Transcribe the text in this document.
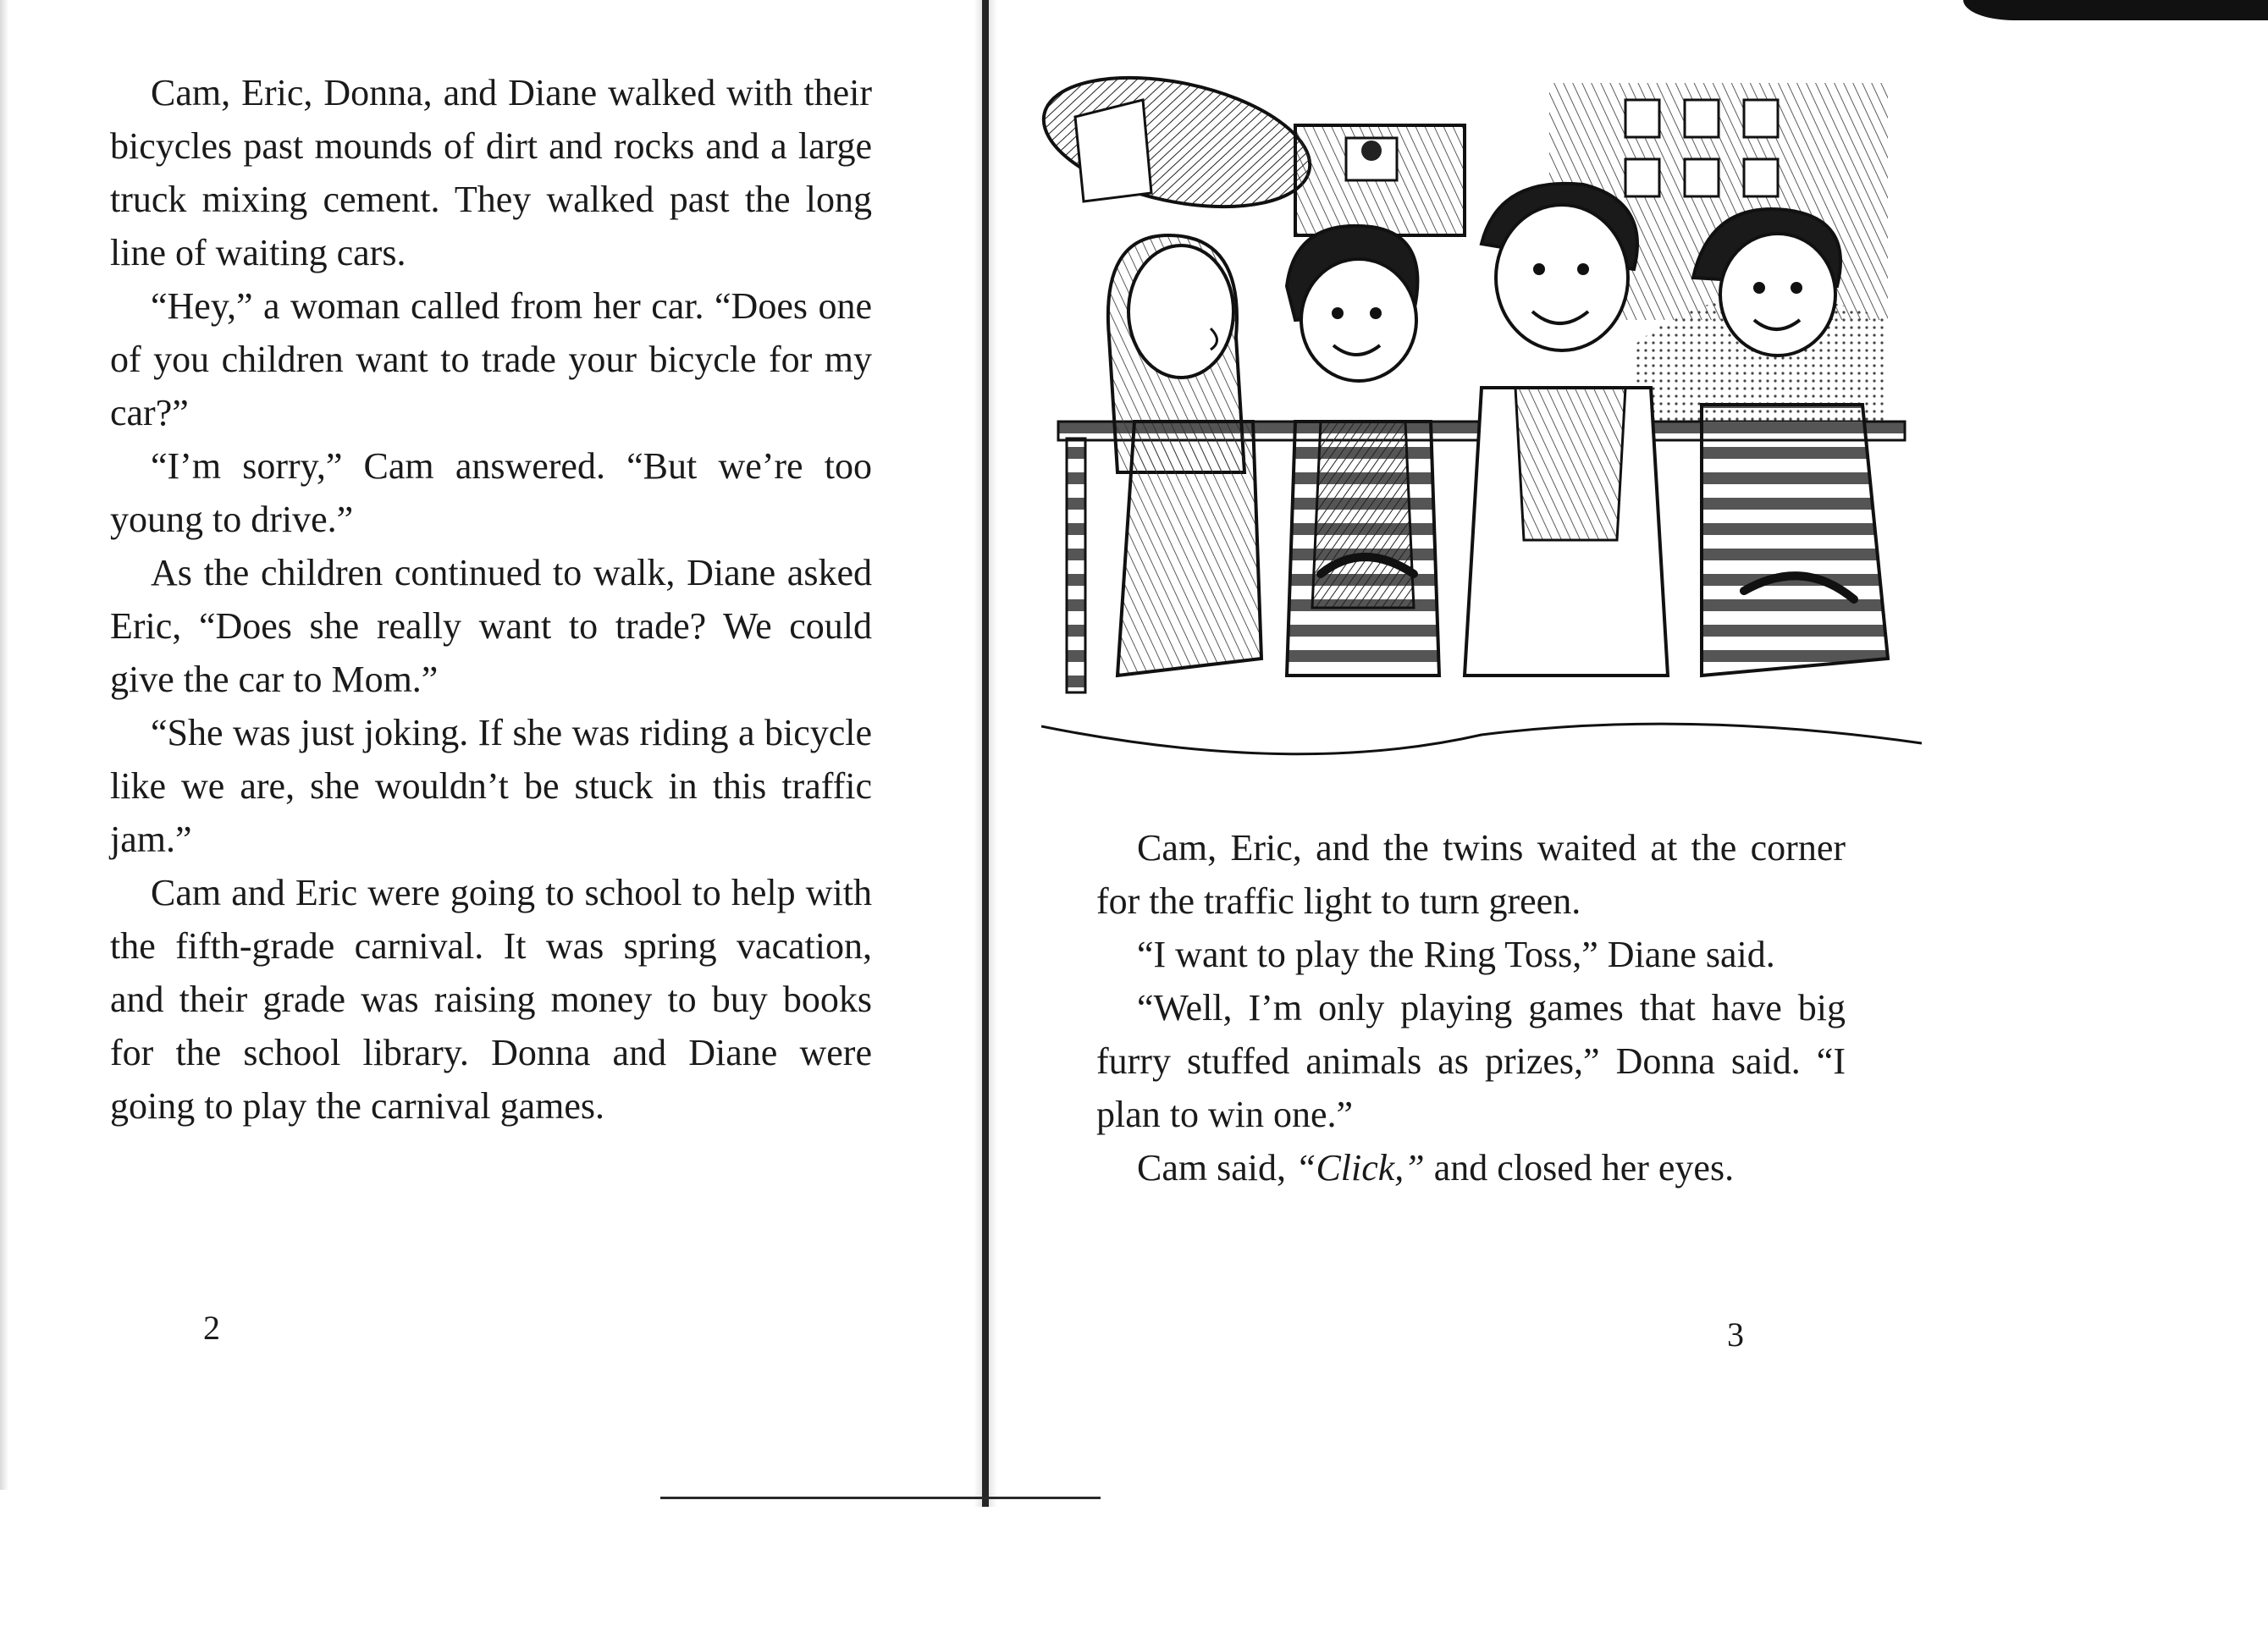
Cam, Eric, Donna, and Diane walked with their bicycles past mounds of dirt and rocks and a large truck mixing cement. They walked past the long line of waiting cars.

“Hey,” a woman called from her car. “Does one of you children want to trade your bicycle for my car?”

“I’m sorry,” Cam answered. “But we’re too young to drive.”

As the children continued to walk, Diane asked Eric, “Does she really want to trade? We could give the car to Mom.”

“She was just joking. If she was riding a bicycle like we are, she wouldn’t be stuck in this traffic jam.”

Cam and Eric were going to school to help with the fifth-grade carnival. It was spring vacation, and their grade was raising money to buy books for the school library. Donna and Diane were going to play the carnival games.

2

Cam, Eric, and the twins waited at the corner for the traffic light to turn green.

“I want to play the Ring Toss,” Diane said.

“Well, I’m only playing games that have big furry stuffed animals as prizes,” Donna said. “I plan to win one.”

Cam said, “Click,” and closed her eyes.

3
